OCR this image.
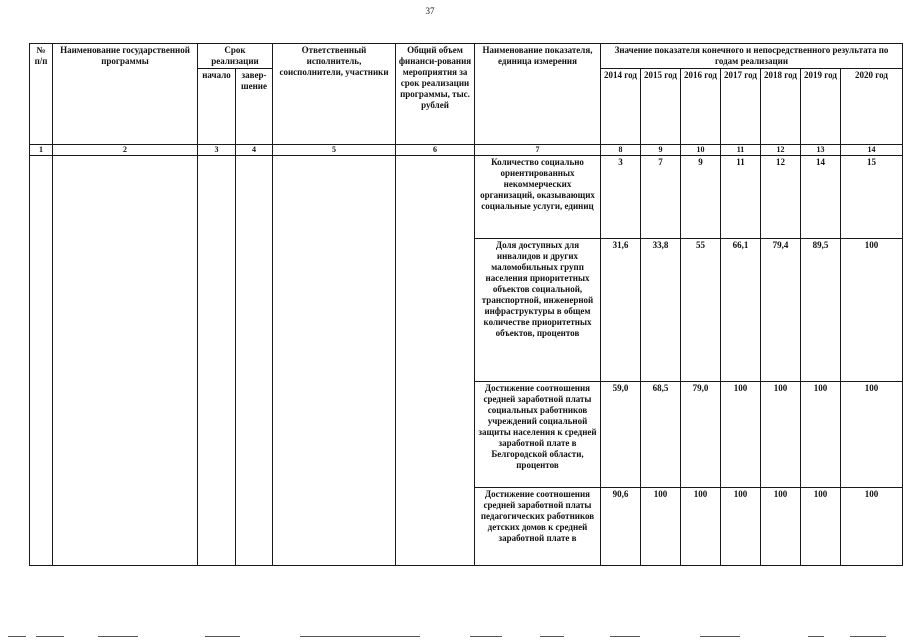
37
№ п/п	Наименование государственной программы	Срок реализации		Ответственный исполнитель, соисполнители, участники	Общий объем финанси-рования мероприятия за срок реализации программы, тыс. рублей	Наименование показателя, единица измерения	Значение показателя конечного и непосредственного результата по годам реализации						
		начало	завер-шение				2014 год	2015 год	2016 год	2017 год	2018 год	2019 год	2020 год
1	2	3	4	5	6	7	8	9	10	11	12	13	14
						Количество социально ориентированных некоммерческих организаций, оказывающих социальные услуги, единиц	3	7	9	11	12	14	15
						Доля доступных для инвалидов и других маломобильных групп населения приоритетных объектов социальной, транспортной, инженерной инфраструктуры в общем количестве приоритетных объектов, процентов	31,6	33,8	55	66,1	79,4	89,5	100
						Достижение соотношения средней заработной платы социальных работников учреждений социальной защиты населения к средней заработной плате в Белгородской области, процентов	59,0	68,5	79,0	100	100	100	100
						Достижение соотношения средней заработной платы педагогических работников детских домов к средней заработной плате в	90,6	100	100	100	100	100	100
